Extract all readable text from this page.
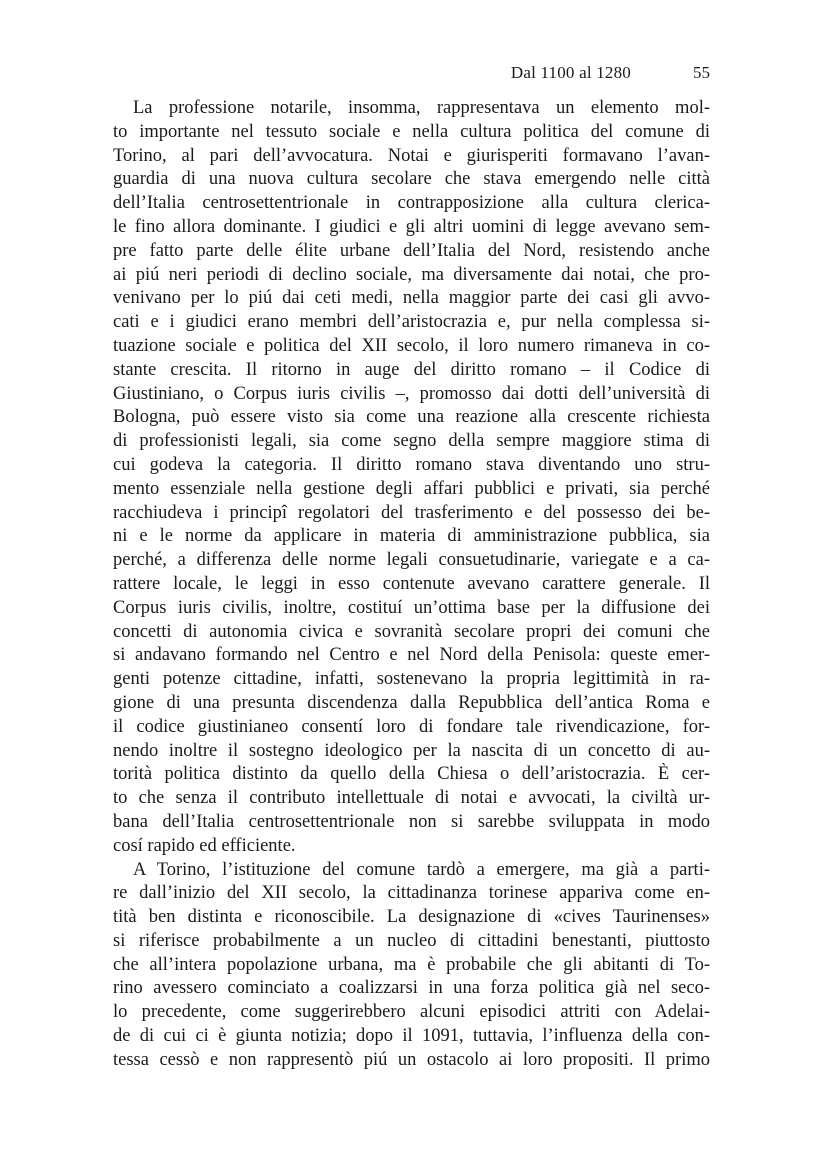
Dal 1100 al 1280	55
La professione notarile, insomma, rappresentava un elemento mol-
to importante nel tessuto sociale e nella cultura politica del comune di
Torino, al pari dell’avvocatura. Notai e giurisperiti formavano l’avan-
guardia di una nuova cultura secolare che stava emergendo nelle città
dell’Italia centrosettentrionale in contrapposizione alla cultura clerica-
le fino allora dominante. I giudici e gli altri uomini di legge avevano sem-
pre fatto parte delle élite urbane dell’Italia del Nord, resistendo anche
ai piú neri periodi di declino sociale, ma diversamente dai notai, che pro-
venivano per lo piú dai ceti medi, nella maggior parte dei casi gli avvo-
cati e i giudici erano membri dell’aristocrazia e, pur nella complessa si-
tuazione sociale e politica del XII secolo, il loro numero rimaneva in co-
stante crescita. Il ritorno in auge del diritto romano – il Codice di
Giustiniano, o Corpus iuris civilis –, promosso dai dotti dell’università di
Bologna, può essere visto sia come una reazione alla crescente richiesta
di professionisti legali, sia come segno della sempre maggiore stima di
cui godeva la categoria. Il diritto romano stava diventando uno stru-
mento essenziale nella gestione degli affari pubblici e privati, sia perché
racchiudeva i principî regolatori del trasferimento e del possesso dei be-
ni e le norme da applicare in materia di amministrazione pubblica, sia
perché, a differenza delle norme legali consuetudinarie, variegate e a ca-
rattere locale, le leggi in esso contenute avevano carattere generale. Il
Corpus iuris civilis, inoltre, costituí un’ottima base per la diffusione dei
concetti di autonomia civica e sovranità secolare propri dei comuni che
si andavano formando nel Centro e nel Nord della Penisola: queste emer-
genti potenze cittadine, infatti, sostenevano la propria legittimità in ra-
gione di una presunta discendenza dalla Repubblica dell’antica Roma e
il codice giustinianeo consentí loro di fondare tale rivendicazione, for-
nendo inoltre il sostegno ideologico per la nascita di un concetto di au-
torità politica distinto da quello della Chiesa o dell’aristocrazia. È cer-
to che senza il contributo intellettuale di notai e avvocati, la civiltà ur-
bana dell’Italia centrosettentrionale non si sarebbe sviluppata in modo
cosí rapido ed efficiente.
A Torino, l’istituzione del comune tardò a emergere, ma già a parti-
re dall’inizio del XII secolo, la cittadinanza torinese appariva come en-
tità ben distinta e riconoscibile. La designazione di «cives Taurinenses»
si riferisce probabilmente a un nucleo di cittadini benestanti, piuttosto
che all’intera popolazione urbana, ma è probabile che gli abitanti di To-
rino avessero cominciato a coalizzarsi in una forza politica già nel seco-
lo precedente, come suggerirebbero alcuni episodici attriti con Adelai-
de di cui ci è giunta notizia; dopo il 1091, tuttavia, l’influenza della con-
tessa cessò e non rappresentò piú un ostacolo ai loro propositi. Il primo
